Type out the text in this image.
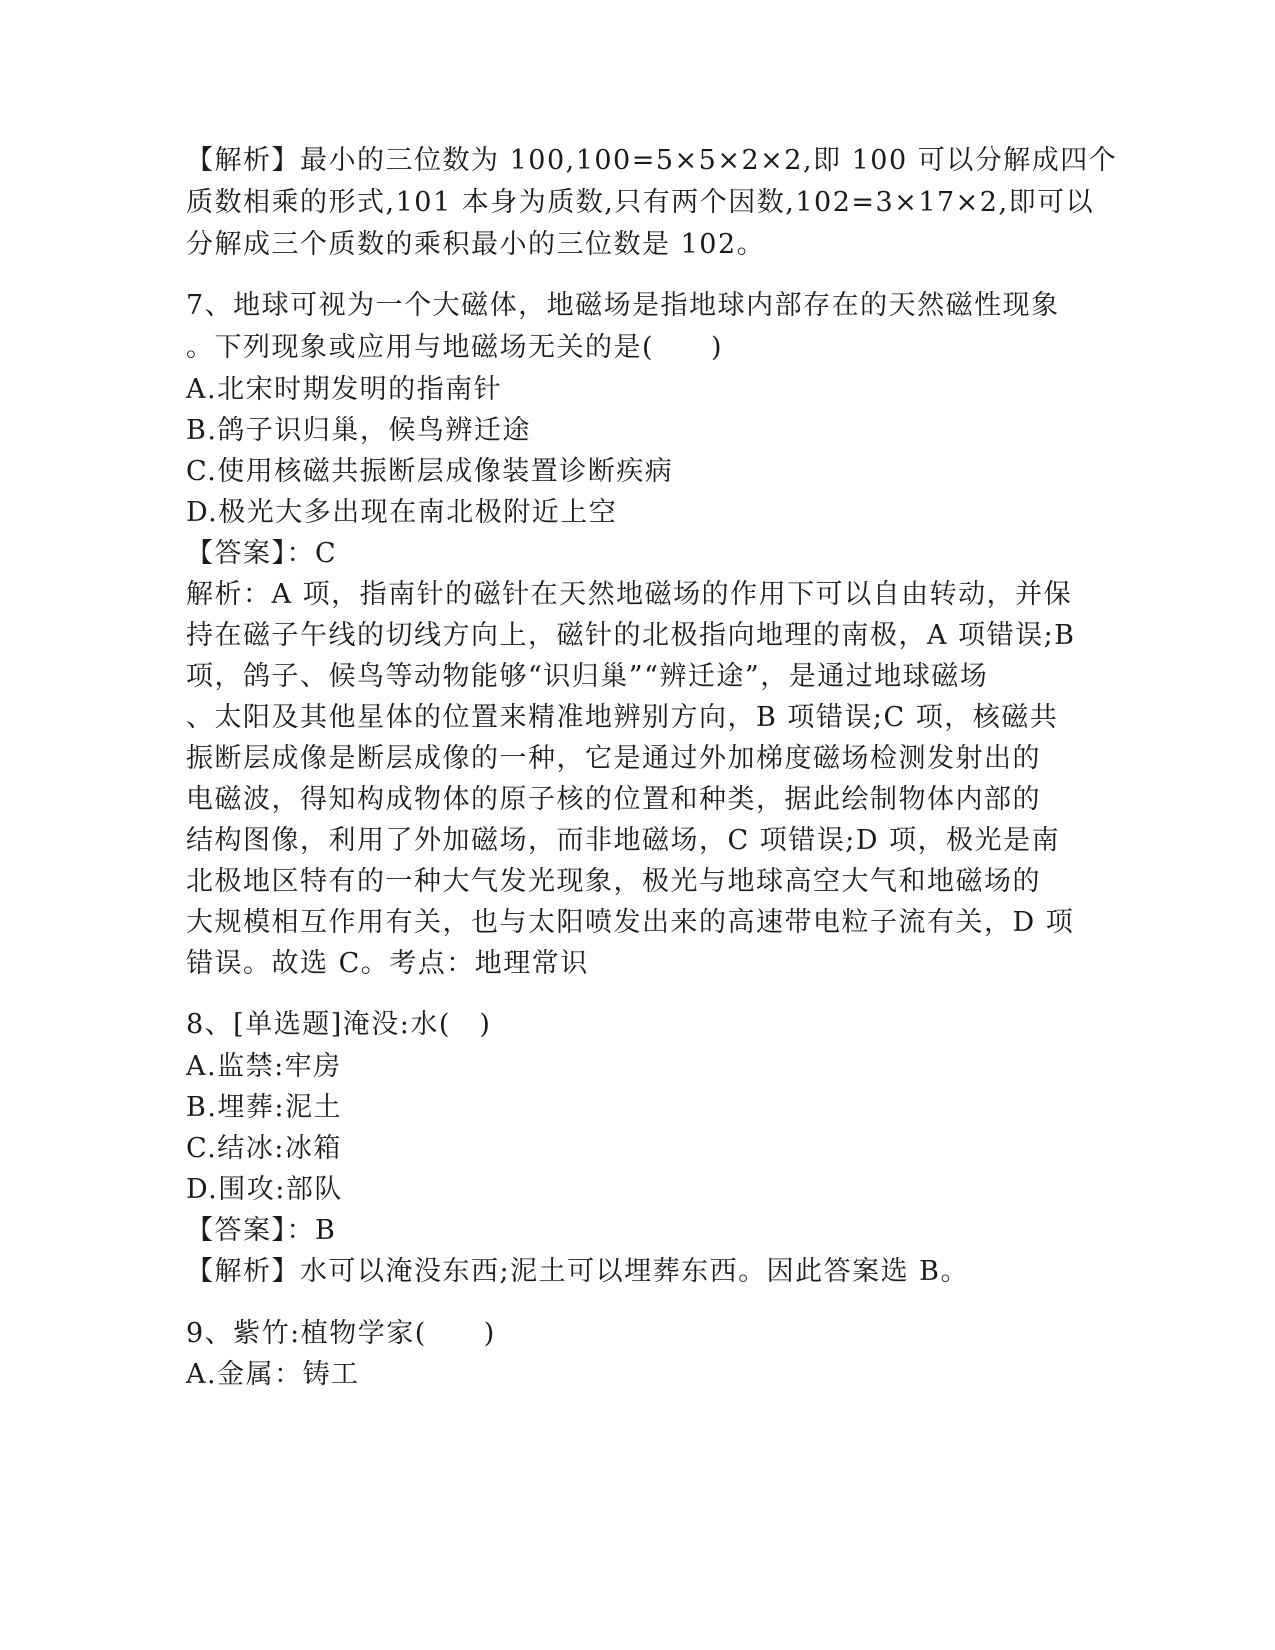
【解析】最小的三位数为 100,100=5×5×2×2,即 100 可以分解成四个
质数相乘的形式,101 本身为质数,只有两个因数,102=3×17×2,即可以
分解成三个质数的乘积最小的三位数是 102。
7、地球可视为一个大磁体，地磁场是指地球内部存在的天然磁性现象
。下列现象或应用与地磁场无关的是(　　)
A.北宋时期发明的指南针
B.鸽子识归巢，候鸟辨迁途
C.使用核磁共振断层成像装置诊断疾病
D.极光大多出现在南北极附近上空
【答案】：C
解析：A 项，指南针的磁针在天然地磁场的作用下可以自由转动，并保
持在磁子午线的切线方向上，磁针的北极指向地理的南极，A 项错误;B
项，鸽子、候鸟等动物能够“识归巢”“辨迁途”，是通过地球磁场
、太阳及其他星体的位置来精准地辨别方向，B 项错误;C 项，核磁共
振断层成像是断层成像的一种，它是通过外加梯度磁场检测发射出的
电磁波，得知构成物体的原子核的位置和种类，据此绘制物体内部的
结构图像，利用了外加磁场，而非地磁场，C 项错误;D 项，极光是南
北极地区特有的一种大气发光现象，极光与地球高空大气和地磁场的
大规模相互作用有关，也与太阳喷发出来的高速带电粒子流有关，D 项
错误。故选 C。考点：地理常识
8、[单选题]淹没:水(　)
A.监禁:牢房
B.埋葬:泥土
C.结冰:冰箱
D.围攻:部队
【答案】：B
【解析】水可以淹没东西;泥土可以埋葬东西。因此答案选 B。
9、紫竹:植物学家(　　)
A.金属：铸工
